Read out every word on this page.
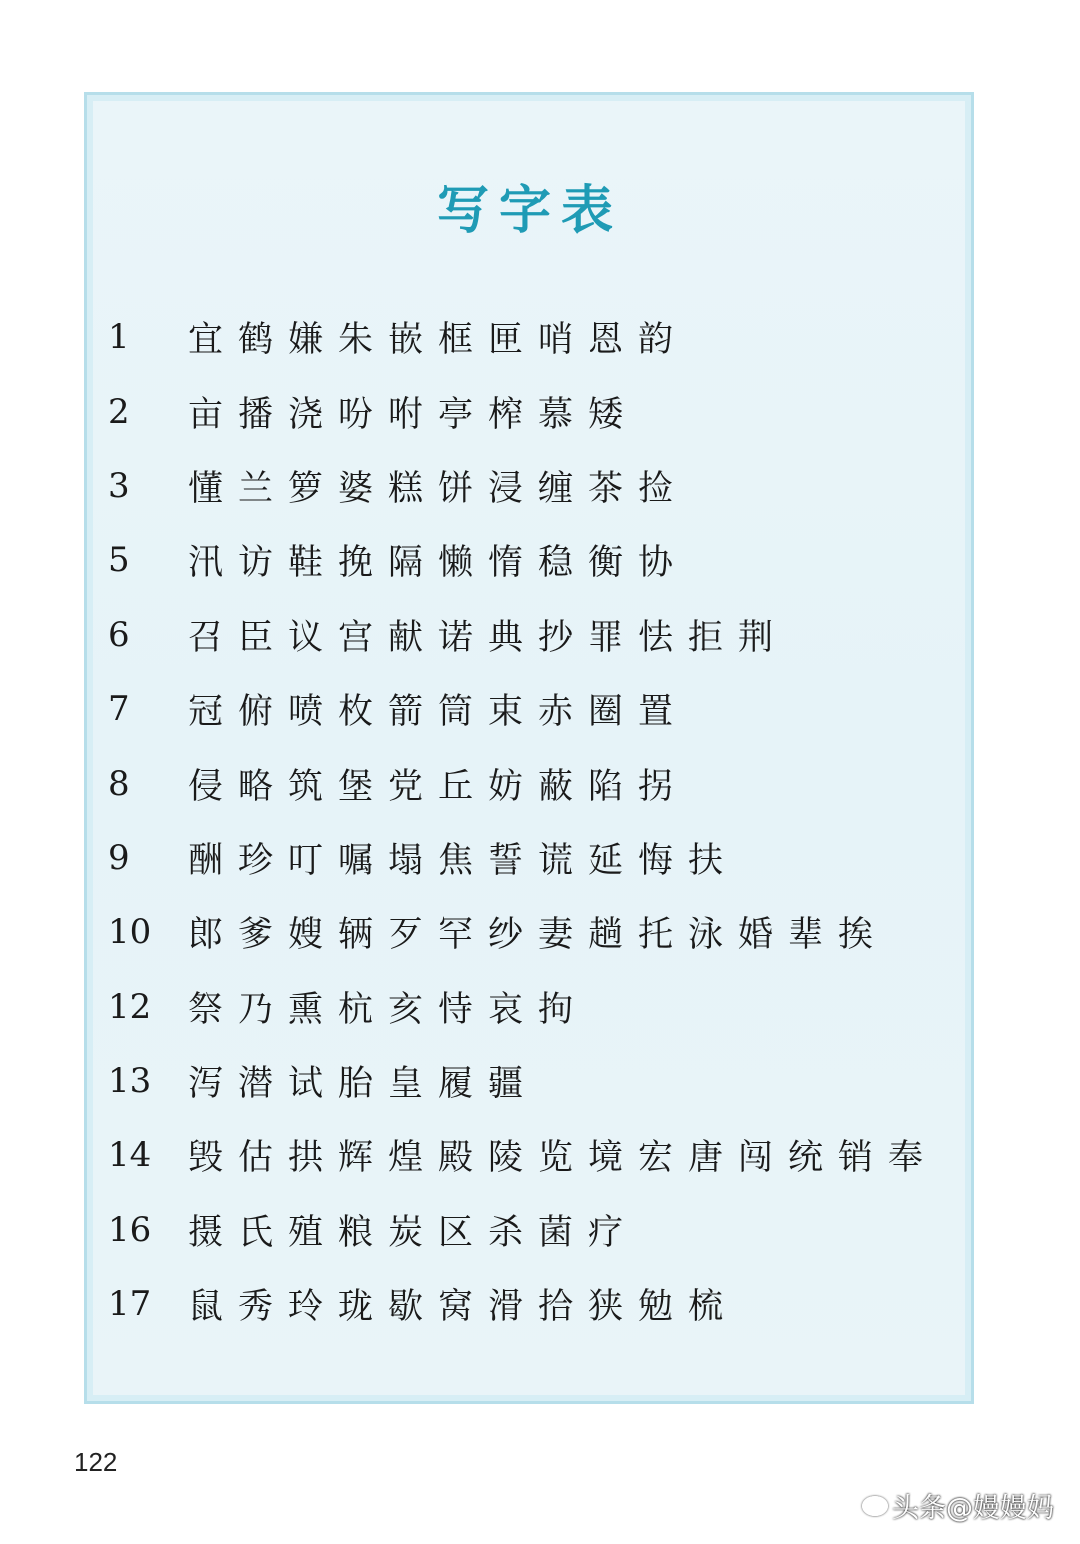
写字表
1	宜鹤嫌朱嵌框匣哨恩韵
2	亩播浇吩咐亭榨慕矮
3	懂兰箩婆糕饼浸缠茶捡
5	汛访鞋挽隔懒惰稳衡协
6	召臣议宫献诺典抄罪怯拒荆
7	冠俯喷枚箭筒束赤圈置
8	侵略筑堡党丘妨蔽陷拐
9	酬珍叮嘱塌焦誓谎延悔扶
10	郎爹嫂辆歹罕纱妻趟托泳婚辈挨
12	祭乃熏杭亥恃哀拘
13	泻潜试胎皇履疆
14	毁估拱辉煌殿陵览境宏唐闯统销奉
16	摄氏殖粮炭区杀菌疗
17	鼠秀玲珑歇窝滑拾狭勉梳
122
头条@嫚嫚妈
